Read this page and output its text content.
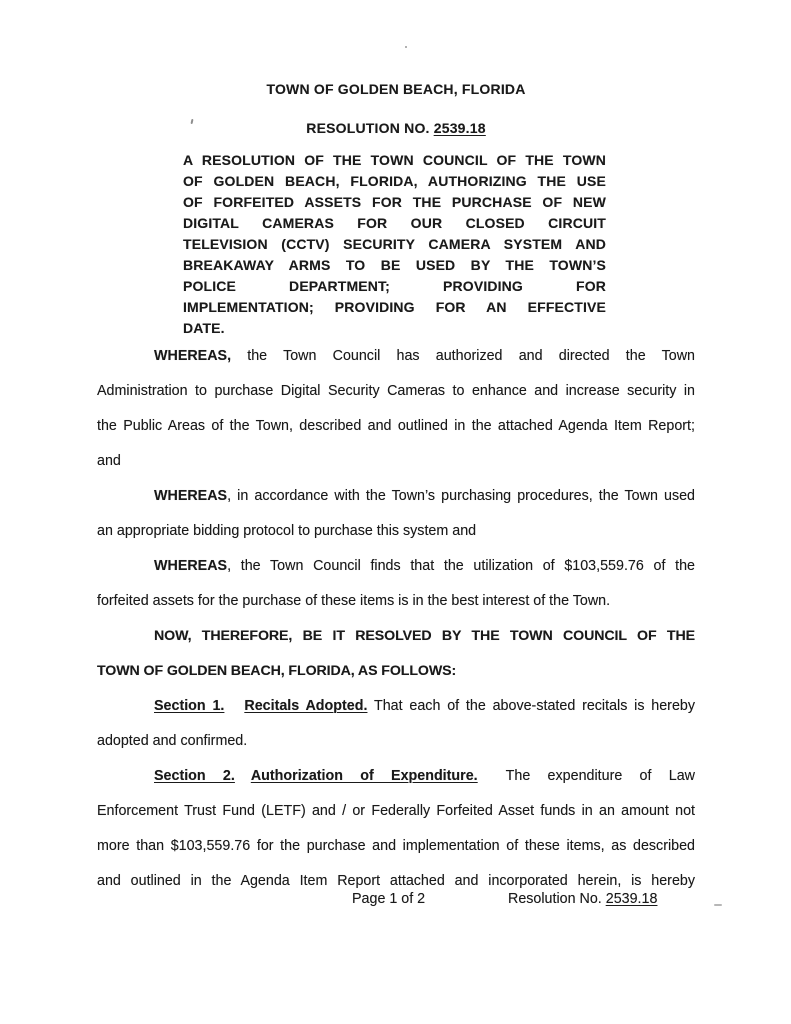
TOWN OF GOLDEN BEACH, FLORIDA
RESOLUTION NO. 2539.18
A RESOLUTION OF THE TOWN COUNCIL OF THE TOWN
OF GOLDEN BEACH, FLORIDA, AUTHORIZING THE USE
OF FORFEITED ASSETS FOR THE PURCHASE OF NEW
DIGITAL CAMERAS FOR OUR CLOSED CIRCUIT
TELEVISION (CCTV) SECURITY CAMERA SYSTEM AND
BREAKAWAY ARMS TO BE USED BY THE TOWN’S
POLICE DEPARTMENT; PROVIDING FOR
IMPLEMENTATION; PROVIDING FOR AN EFFECTIVE
DATE.
WHEREAS, the Town Council has authorized and directed the Town
Administration to purchase Digital Security Cameras to enhance and increase security in
the Public Areas of the Town, described and outlined in the attached Agenda Item Report;
and
WHEREAS, in accordance with the Town’s purchasing procedures, the Town used
an appropriate bidding protocol to purchase this system and
WHEREAS, the Town Council finds that the utilization of $103,559.76 of the
forfeited assets for the purchase of these items is in the best interest of the Town.
NOW, THEREFORE, BE IT RESOLVED BY THE TOWN COUNCIL OF THE
TOWN OF GOLDEN BEACH, FLORIDA, AS FOLLOWS:
Section 1. Recitals Adopted. That each of the above-stated recitals is hereby
adopted and confirmed.
Section 2. Authorization of Expenditure. The expenditure of Law
Enforcement Trust Fund (LETF) and / or Federally Forfeited Asset funds in an amount not
more than $103,559.76 for the purchase and implementation of these items, as described
and outlined in the Agenda Item Report attached and incorporated herein, is hereby
Page 1 of 2	Resolution No. 2539.18
